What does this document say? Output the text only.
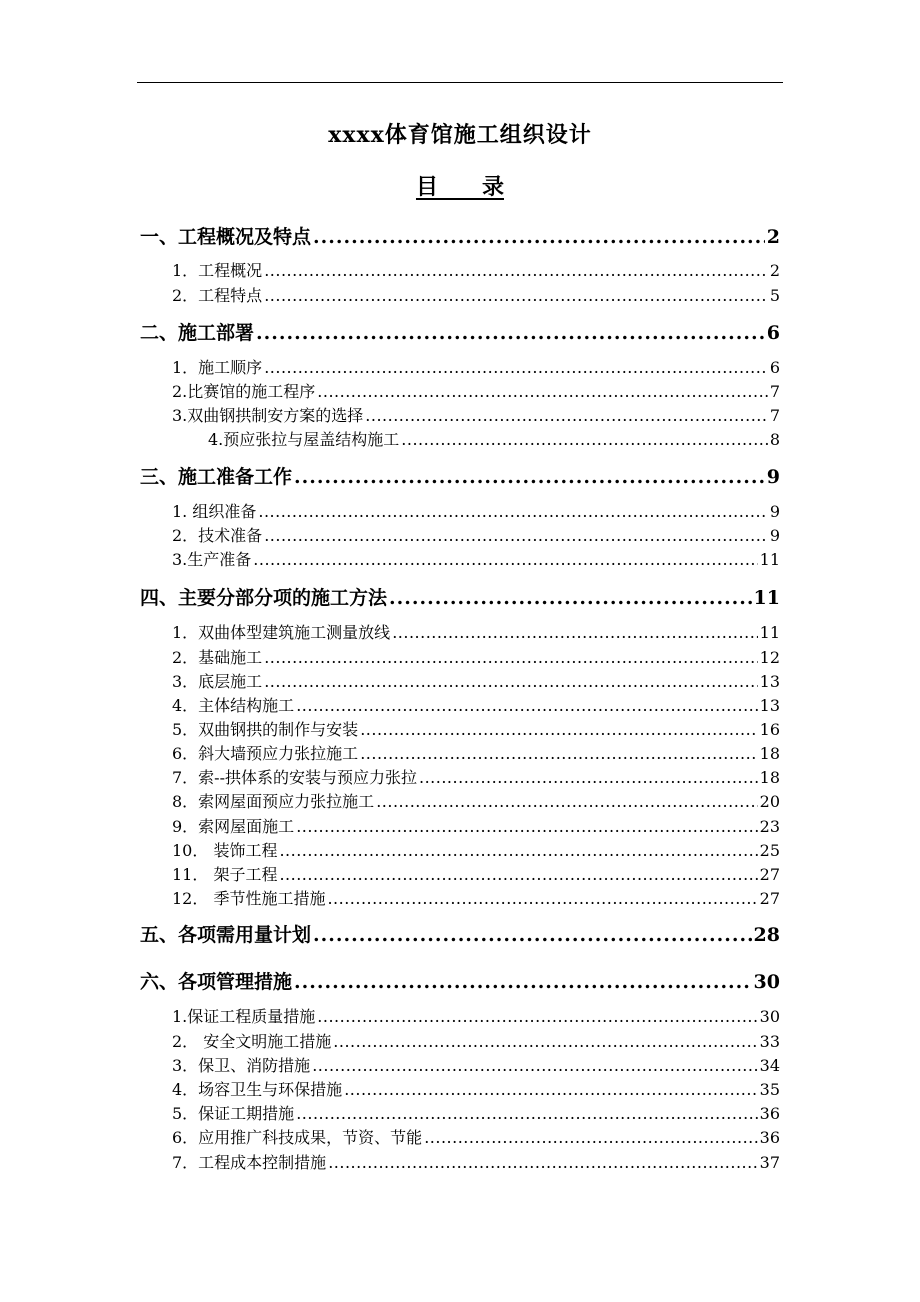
xxxx体育馆施工组织设计
目　　录
一、工程概况及特点 .....	2
1．工程概况 .....	2
2．工程特点 .....	5
二、施工部署 .....	6
1．施工顺序 .....	6
2.比赛馆的施工程序 .....	7
3.双曲钢拱制安方案的选择 .....	7
4.预应张拉与屋盖结构施工 .....	8
三、施工准备工作 .....	9
1. 组织准备 .....	9
2．技术准备 .....	9
3.生产准备 .....	11
四、主要分部分项的施工方法 .....	11
1．双曲体型建筑施工测量放线 .....	11
2．基础施工 .....	12
3．底层施工 .....	13
4．主体结构施工 .....	13
5．双曲钢拱的制作与安装 .....	16
6．斜大墙预应力张拉施工 .....	18
7．索--拱体系的安装与预应力张拉 .....	18
8．索网屋面预应力张拉施工 .....	20
9．索网屋面施工 .....	23
10． 装饰工程 .....	25
11． 架子工程 .....	27
12． 季节性施工措施 .....	27
五、各项需用量计划 .....	28
六、各项管理措施 .....	30
1.保证工程质量措施 .....	30
2． 安全文明施工措施 .....	33
3．保卫、消防措施 .....	34
4．场容卫生与环保措施 .....	35
5．保证工期措施 .....	36
6．应用推广科技成果，节资、节能 .....	36
7．工程成本控制措施 .....	37
